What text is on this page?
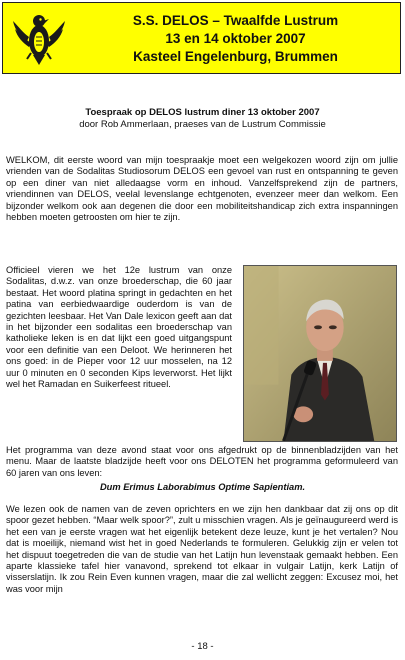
S.S. DELOS – Twaalfde Lustrum
13 en 14 oktober 2007
Kasteel Engelenburg, Brummen
Toespraak op DELOS lustrum diner 13 oktober 2007
door Rob Ammerlaan, praeses van de Lustrum Commissie

WELKOM, dit eerste woord van mijn toespraakje moet een welgekozen woord zijn om jullie vrienden van de Sodalitas Studiosorum DELOS een gevoel van rust en ontspanning te geven op een diner van niet alledaagse vorm en inhoud. Vanzelfsprekend zijn de partners, vriendinnen van DELOS, veelal levenslange echtgenoten, evenzeer meer dan welkom. Een bijzonder welkom ook aan degenen die door een mobiliteitshandicap zich extra inspanningen hebben moeten getroosten om hier te zijn.

Officieel vieren we het 12e lustrum van onze Sodalitas, d.w.z. van onze broederschap, die 60 jaar bestaat. Het woord platina springt in gedachten en het patina van eerbiedwaardige ouderdom is van de gezichten leesbaar. Het Van Dale lexicon geeft aan dat in het bijzonder een sodalitas een broederschap van katholieke leken is en dat lijkt een goed uitgangspunt voor een definitie van een Deloot. We herinneren het ons goed: in de Pieper voor 12 uur mosselen, na 12 uur 0 minuten en 0 seconden Kips leverworst. Het lijkt wel het Ramadan en Suikerfeest ritueel.

Het programma van deze avond staat voor ons afgedrukt op de binnenbladzijden van het menu. Maar de laatste bladzijde heeft voor ons DELOTEN het programma geformuleerd van 60 jaren van ons leven:

Dum Erimus Laborabimus Optime Sapientiam.

We lezen ook de namen van de zeven oprichters en we zijn hen dankbaar dat zij ons op dit spoor gezet hebben. “Maar welk spoor?”, zult u misschien vragen. Als je geïnaugureerd werd is het een van je eerste vragen wat het eigenlijk betekent deze leuze, kunt je het vertalen? Nou dat is moeilijk, niemand wist het in goed Nederlands te formuleren. Gelukkig zijn er velen tot het dispuut toegetreden die van de studie van het Latijn hun levenstaak gemaakt hebben. Een aparte klassieke tafel hier vanavond, sprekend tot elkaar in vulgair Latijn, kerk Latijn of visserslatijn. Ik zou Rein Even kunnen vragen, maar die zal wellicht zeggen: Excusez moi, het was voor mijn

- 18 -
